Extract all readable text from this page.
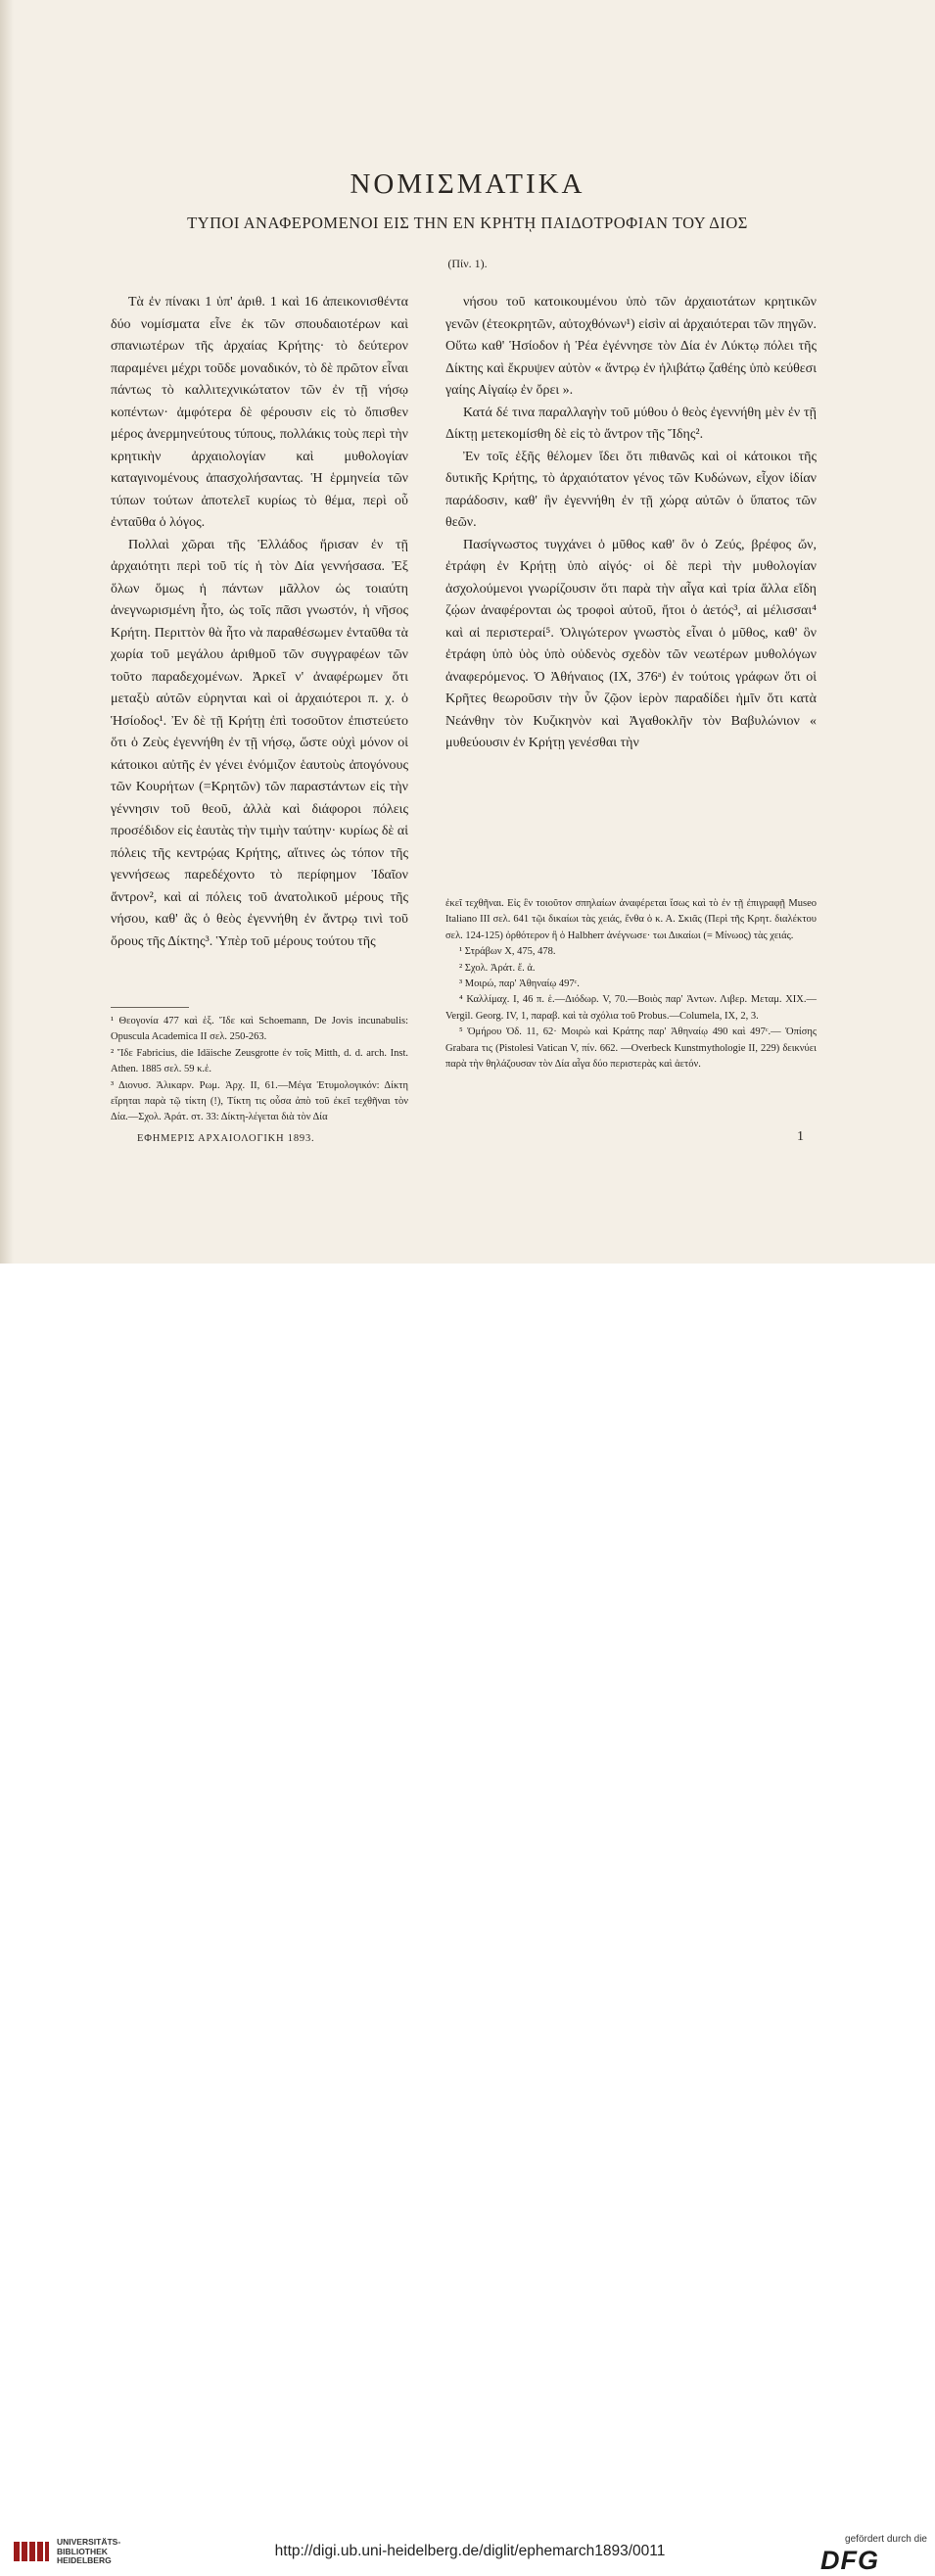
ΝΟΜΙΣΜΑΤΙΚΑ
ΤΥΠΟΙ ΑΝΑΦΕΡΟΜΕΝΟΙ ΕΙΣ ΤΗΝ ΕΝ ΚΡΗΤῌ ΠΑΙΔΟΤΡΟΦΙΑΝ ΤΟΥ ΔΙΟΣ
(Πίν. 1).

Τὰ ἐν πίνακι 1 ὑπ' ἀριθ. 1 καὶ 16 ἀπεικονισθέντα δύο νομίσματα εἶνε ἐκ τῶν σπουδαιοτέρων καὶ σπανιωτέρων τῆς ἀρχαίας Κρήτης· τὸ δεύτερον παραμένει μέχρι τοῦδε μοναδικόν, τὸ δὲ πρῶτον εἶναι πάντως τὸ καλλιτεχνικώτατον τῶν ἐν τῇ νήσῳ κοπέντων· ἀμφότερα δὲ φέρουσιν εἰς τὸ ὄπισθεν μέρος ἀνερμηνεύτους τύπους, πολλάκις τοὺς περὶ τὴν κρητικὴν ἀρχαιολογίαν καὶ μυθολογίαν καταγινομένους ἀπασχολήσαντας. Ἡ ἑρμηνεία τῶν τύπων τούτων ἀποτελεῖ κυρίως τὸ θέμα, περὶ οὗ ἐνταῦθα ὁ λόγος.

Πολλαὶ χῶραι τῆς Ἑλλάδος ἤρισαν ἐν τῇ ἀρχαιότητι περὶ τοῦ τίς ἡ τὸν Δία γεννήσασα. Ἐξ ὅλων ὅμως ἡ πάντων μᾶλλον ὡς τοιαύτη ἀνεγνωρισμένη ἦτο, ὡς τοῖς πᾶσι γνωστόν, ἡ νῆσος Κρήτη. Περιττὸν θὰ ἦτο νὰ παραθέσωμεν ἐνταῦθα τὰ χωρία τοῦ μεγάλου ἀριθμοῦ τῶν συγγραφέων τῶν τοῦτο παραδεχομένων. Ἀρκεῖ ν' ἀναφέρωμεν ὅτι μεταξὺ αὐτῶν εὑρηνται καὶ οἱ ἀρχαιότεροι π. χ. ὁ Ἡσίοδος¹. Ἐν δὲ τῇ Κρήτῃ ἐπὶ τοσοῦτον ἐπιστεύετο ὅτι ὁ Ζεὺς ἐγεννήθη ἐν τῇ νήσῳ, ὥστε οὐχὶ μόνον οἱ κάτοικοι αὐτῆς ἐν γένει ἐνόμιζον ἑαυτοὺς ἀπογόνους τῶν Κουρήτων (=Κρητῶν) τῶν παραστάντων εἰς τὴν γέννησιν τοῦ θεοῦ, ἀλλὰ καὶ διάφοροι πόλεις προσέδιδον εἰς ἑαυτὰς τὴν τιμὴν ταύτην· κυρίως δὲ αἱ πόλεις τῆς κεντρῴας Κρήτης, αἵτινες ὡς τόπον τῆς γεννήσεως παρεδέχοντο τὸ περίφημον Ἰδαῖον ἄντρον², καὶ αἱ πόλεις τοῦ ἀνατολικοῦ μέρους τῆς νήσου, καθ' ἃς ὁ θεὸς ἐγεννήθη ἐν ἄντρῳ τινὶ τοῦ ὄρους τῆς Δίκτης³. Ὑπὲρ τοῦ μέρους τούτου τῆς

νήσου τοῦ κατοικουμένου ὑπὸ τῶν ἀρχαιοτάτων κρητικῶν γενῶν (ἐτεοκρητῶν, αὐτοχθόνων¹) εἰσὶν αἱ ἀρχαιότεραι τῶν πηγῶν. Οὕτω καθ' Ἡσίοδον ἡ Ῥέα ἐγέννησε τὸν Δία ἐν Λύκτῳ πόλει τῆς Δίκτης καὶ ἔκρυψεν αὐτὸν « ἄντρῳ ἐν ἠλιβάτῳ ζαθέης ὑπὸ κεύθεσι γαίης Αἰγαίῳ ἐν ὄρει ».

Κατά δέ τινα παραλλαγὴν τοῦ μύθου ὁ θεὸς ἐγεννήθη μὲν ἐν τῇ Δίκτῃ μετεκομίσθη δὲ εἰς τὸ ἄντρον τῆς Ἴδης².

Ἐν τοῖς ἑξῆς θέλομεν ἴδει ὅτι πιθανῶς καὶ οἱ κάτοικοι τῆς δυτικῆς Κρήτης, τὸ ἀρχαιότατον γένος τῶν Κυδώνων, εἶχον ἰδίαν παράδοσιν, καθ' ἣν ἐγεννήθη ἐν τῇ χώρᾳ αὐτῶν ὁ ὕπατος τῶν θεῶν.

Πασίγνωστος τυγχάνει ὁ μῦθος καθ' ὃν ὁ Ζεύς, βρέφος ὤν, ἐτράφη ἐν Κρήτῃ ὑπὸ αἰγός· οἱ δὲ περὶ τὴν μυθολογίαν ἀσχολούμενοι γνωρίζουσιν ὅτι παρὰ τὴν αἶγα καὶ τρία ἄλλα εἴδη ζῴων ἀναφέρονται ὡς τροφοὶ αὐτοῦ, ἤτοι ὁ ἀετός³, αἱ μέλισσαι⁴ καὶ αἱ περιστεραί⁵. Ὀλιγώτερον γνωστὸς εἶναι ὁ μῦθος, καθ' ὃν ἐτράφη ὑπὸ ὑὸς ὑπὸ οὐδενὸς σχεδὸν τῶν νεωτέρων μυθολόγων ἀναφερόμενος. Ὁ Ἀθήναιος (ΙΧ, 376ᵃ) ἐν τούτοις γράφων ὅτι οἱ Κρῆτες θεωροῦσιν τὴν ὗν ζῷον ἱερὸν παραδίδει ἡμῖν ὅτι κατὰ Νεάνθην τὸν Κυζικηνὸν καὶ Ἀγαθοκλῆν τὸν Βαβυλώνιον « μυθεύουσιν ἐν Κρήτῃ γενέσθαι τὴν

¹ Θεογονία 477 καὶ ἑξ. Ἴδε καὶ Schoemann, De Jovis incunabulis: Opuscula Academica II σελ. 250-263.

² Ἴδε Fabricius, die Idäische Zeusgrotte ἐν τοῖς Mitth, d. d. arch. Inst. Athen. 1885 σελ. 59 κ.ἑ.

³ Διονυσ. Ἁλικαρν. Ρωμ. Ἀρχ. II, 61.—Μέγα Ἐτυμολογικόν: Δίκτη εἴρηται παρὰ τῷ τίκτη (!), Τίκτη τις οὖσα ἀπὸ τοῦ ἐκεῖ τεχθῆναι τὸν Δία.—Σχολ. Ἀράτ. στ. 33: Δίκτη-λέγεται διὰ τὸν Δία

ἐκεῖ τεχθῆναι. Εἰς ἓν τοιοῦτον σπηλαίων ἀναφέρεται ἴσως καὶ τὸ ἐν τῇ ἐπιγραφῇ Museo Italiano III σελ. 641 τῷι δικαίωι τὰς χειάς, ἔνθα ὁ κ. Α. Σκιᾶς (Περὶ τῆς Κρητ. διαλέκτου σελ. 124-125) ὀρθότερον ἢ ὁ Halbherr ἀνέγνωσε· τωι Δικαίωι (= Μίνωος) τὰς χειάς.

¹ Στράβων Χ, 475, 478.

² Σχολ. Ἀράτ. ἔ. ἀ.

³ Μοιρώ, παρ' Ἀθηναίῳ 497ᶜ.

⁴ Καλλίμαχ. Ι, 46 π. ἑ.—Διόδωρ. V, 70.—Βοιὸς παρ' Ἀντων. Λιβερ. Μεταμ. ΧΙΧ.—Vergil. Georg. IV, 1, παραβ. καὶ τὰ σχόλια τοῦ Probus.—Columela, IX, 2, 3.

⁵ Ὁμήρου Ὀδ. 11, 62· Μοιρὼ καὶ Κράτης παρ' Ἀθηναίῳ 490 καὶ 497ᶜ.— Ὁπίσης Grabara τις (Pistolesi Vatican V, πίν. 662. —Overbeck Kunstmythologie II, 229) δεικνύει παρὰ τὴν θηλάζουσαν τὸν Δία αἶγα δύο περιστερὰς καὶ ἀετόν.

ΕΦΗΜΕΡΙΣ ΑΡΧΑΙΟΛΟΓΙΚΗ 1893.	1
UNIVERSITÄTS-
BIBLIOTHEK
HEIDELBERG
http://digi.ub.uni-heidelberg.de/diglit/ephemarch1893/0011
gefördert durch die
DFG
